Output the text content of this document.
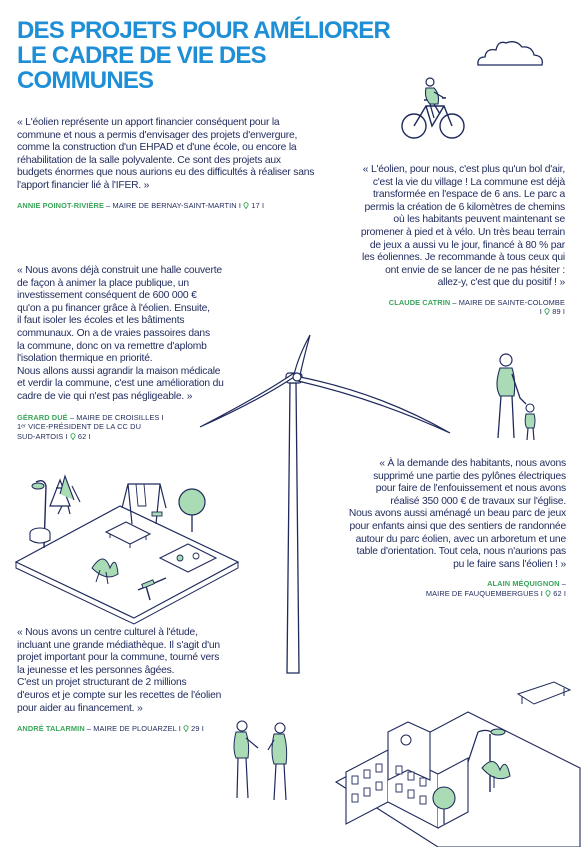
DES PROJETS POUR AMÉLIORER
LE CADRE DE VIE DES COMMUNES

« L'éolien représente un apport financier conséquent pour la
commune et nous a permis d'envisager des projets d'envergure,
comme la construction d'un EHPAD et d'une école, ou encore la
réhabilitation de la salle polyvalente. Ce sont des projets aux
budgets énormes que nous aurions eu des difficultés à réaliser sans
l'apport financier lié à l'IFER. »

ANNIE POINOT-RIVIÈRE – MAIRE DE BERNAY-SAINT-MARTIN I  17 I

« L'éolien, pour nous, c'est plus qu'un bol d'air,
c'est la vie du village ! La commune est déjà
transformée en l'espace de 6 ans. Le parc a
permis la création de 6 kilomètres de chemins
où les habitants peuvent maintenant se
promener à pied et à vélo. Un très beau terrain
de jeux a aussi vu le jour, financé à 80 % par
les éoliennes. Je recommande à tous ceux qui
ont envie de se lancer de ne pas hésiter :
allez-y, c'est que du positif ! »

CLAUDE CATRIN – MAIRE DE SAINTE-COLOMBE
I  89 I

« Nous avons déjà construit une halle couverte
de façon à animer la place publique, un
investissement conséquent de 600 000 €
qu'on a pu financer grâce à l'éolien. Ensuite,
il faut isoler les écoles et les bâtiments
communaux. On a de vraies passoires dans
la commune, donc on va remettre d'aplomb
l'isolation thermique en priorité.
Nous allons aussi agrandir la maison médicale
et verdir la commune, c'est une amélioration du
cadre de vie qui n'est pas négligeable. »

GÉRARD DUÉ – MAIRE DE CROISILLES I
1ᵉʳ VICE-PRÉSIDENT DE LA CC DU
SUD-ARTOIS I  62 I

« À la demande des habitants, nous avons
supprimé une partie des pylônes électriques
pour faire de l'enfouissement et nous avons
réalisé 350 000 € de travaux sur l'église.
Nous avons aussi aménagé un beau parc de jeux
pour enfants ainsi que des sentiers de randonnée
autour du parc éolien, avec un arboretum et une
table d'orientation. Tout cela, nous n'aurions pas
pu le faire sans l'éolien ! »

ALAIN MÉQUIGNON –
MAIRE DE FAUQUEMBERGUES I  62 I

« Nous avons un centre culturel à l'étude,
incluant une grande médiathèque. Il s'agit d'un
projet important pour la commune, tourné vers
la jeunesse et les personnes âgées.
C'est un projet structurant de 2 millions
d'euros et je compte sur les recettes de l'éolien
pour aider au financement. »

ANDRÉ TALARMIN – MAIRE DE PLOUARZEL I  29 I
